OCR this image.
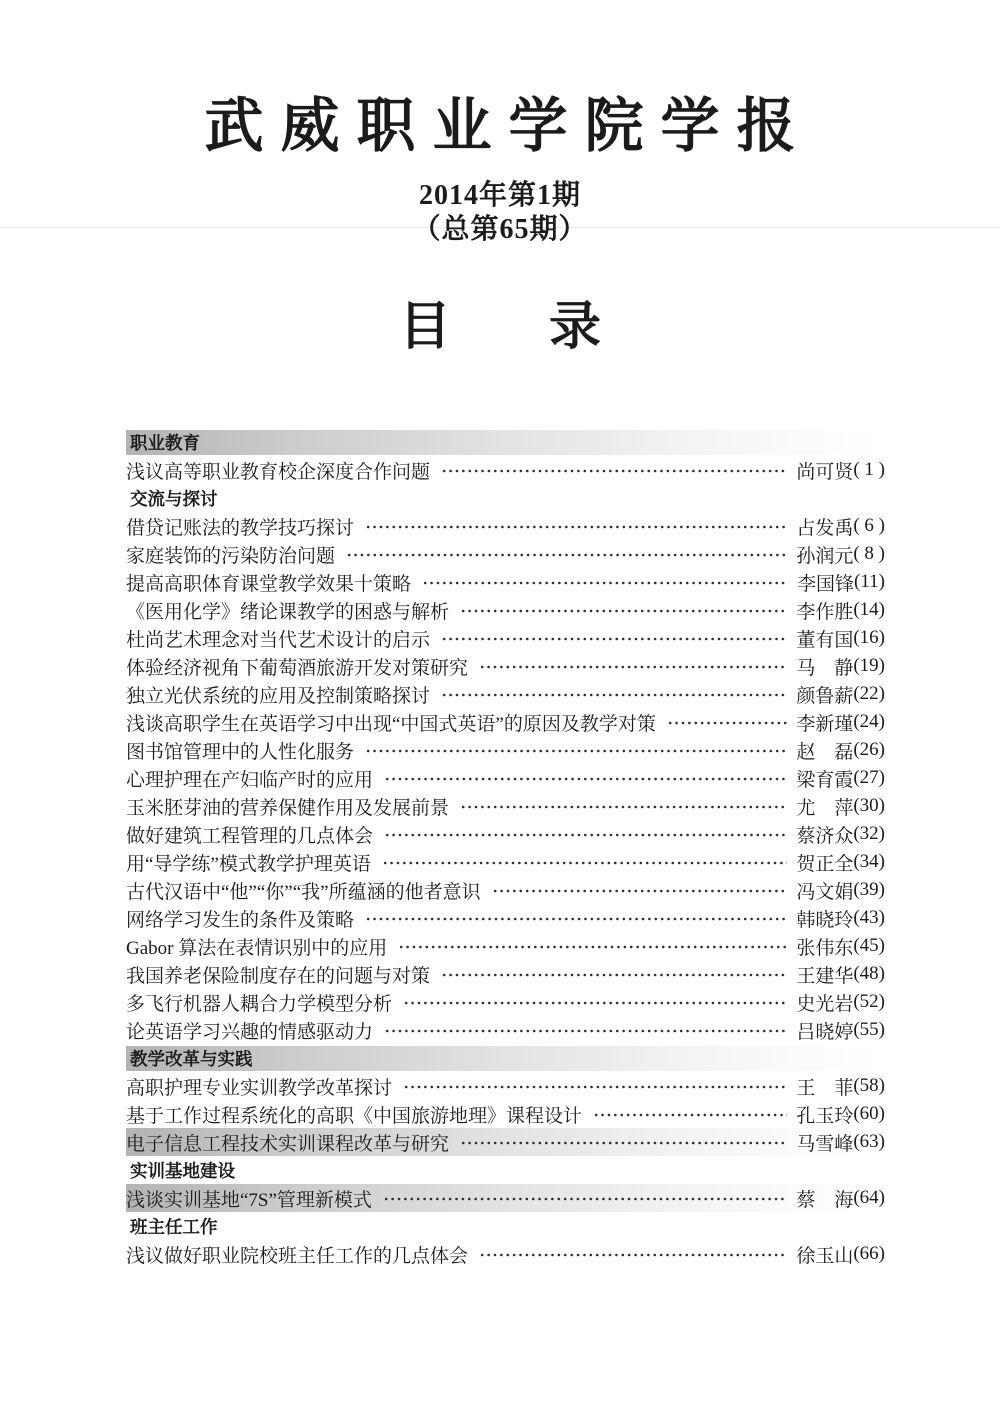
武威职业学院学报
2014年第1期
（总第65期）
目 录
职业教育
浅议高等职业教育校企深度合作问题	尚可贤 ( 1 )
交流与探讨
借贷记账法的教学技巧探讨	占发禹 ( 6 )
家庭装饰的污染防治问题	孙润元 ( 8 )
提高高职体育课堂教学效果十策略	李国锋 (11)
《医用化学》绪论课教学的困惑与解析	李作胜 (14)
杜尚艺术理念对当代艺术设计的启示	董有国 (16)
体验经济视角下葡萄酒旅游开发对策研究	马　静 (19)
独立光伏系统的应用及控制策略探讨	颜鲁薪 (22)
浅谈高职学生在英语学习中出现“中国式英语”的原因及教学对策	李新瑾 (24)
图书馆管理中的人性化服务	赵　磊 (26)
心理护理在产妇临产时的应用	梁育霞 (27)
玉米胚芽油的营养保健作用及发展前景	尤　萍 (30)
做好建筑工程管理的几点体会	蔡济众 (32)
用“导学练”模式教学护理英语	贺正全 (34)
古代汉语中“他”“你”“我”所蕴涵的他者意识	冯文娟 (39)
网络学习发生的条件及策略	韩晓玲 (43)
Gabor 算法在表情识别中的应用	张伟东 (45)
我国养老保险制度存在的问题与对策	王建华 (48)
多飞行机器人耦合力学模型分析	史光岩 (52)
论英语学习兴趣的情感驱动力	吕晓婷 (55)
教学改革与实践
高职护理专业实训教学改革探讨	王　菲 (58)
基于工作过程系统化的高职《中国旅游地理》课程设计	孔玉玲 (60)
电子信息工程技术实训课程改革与研究	马雪峰 (63)
实训基地建设
浅谈实训基地“7S”管理新模式	蔡　海 (64)
班主任工作
浅议做好职业院校班主任工作的几点体会	徐玉山 (66)
